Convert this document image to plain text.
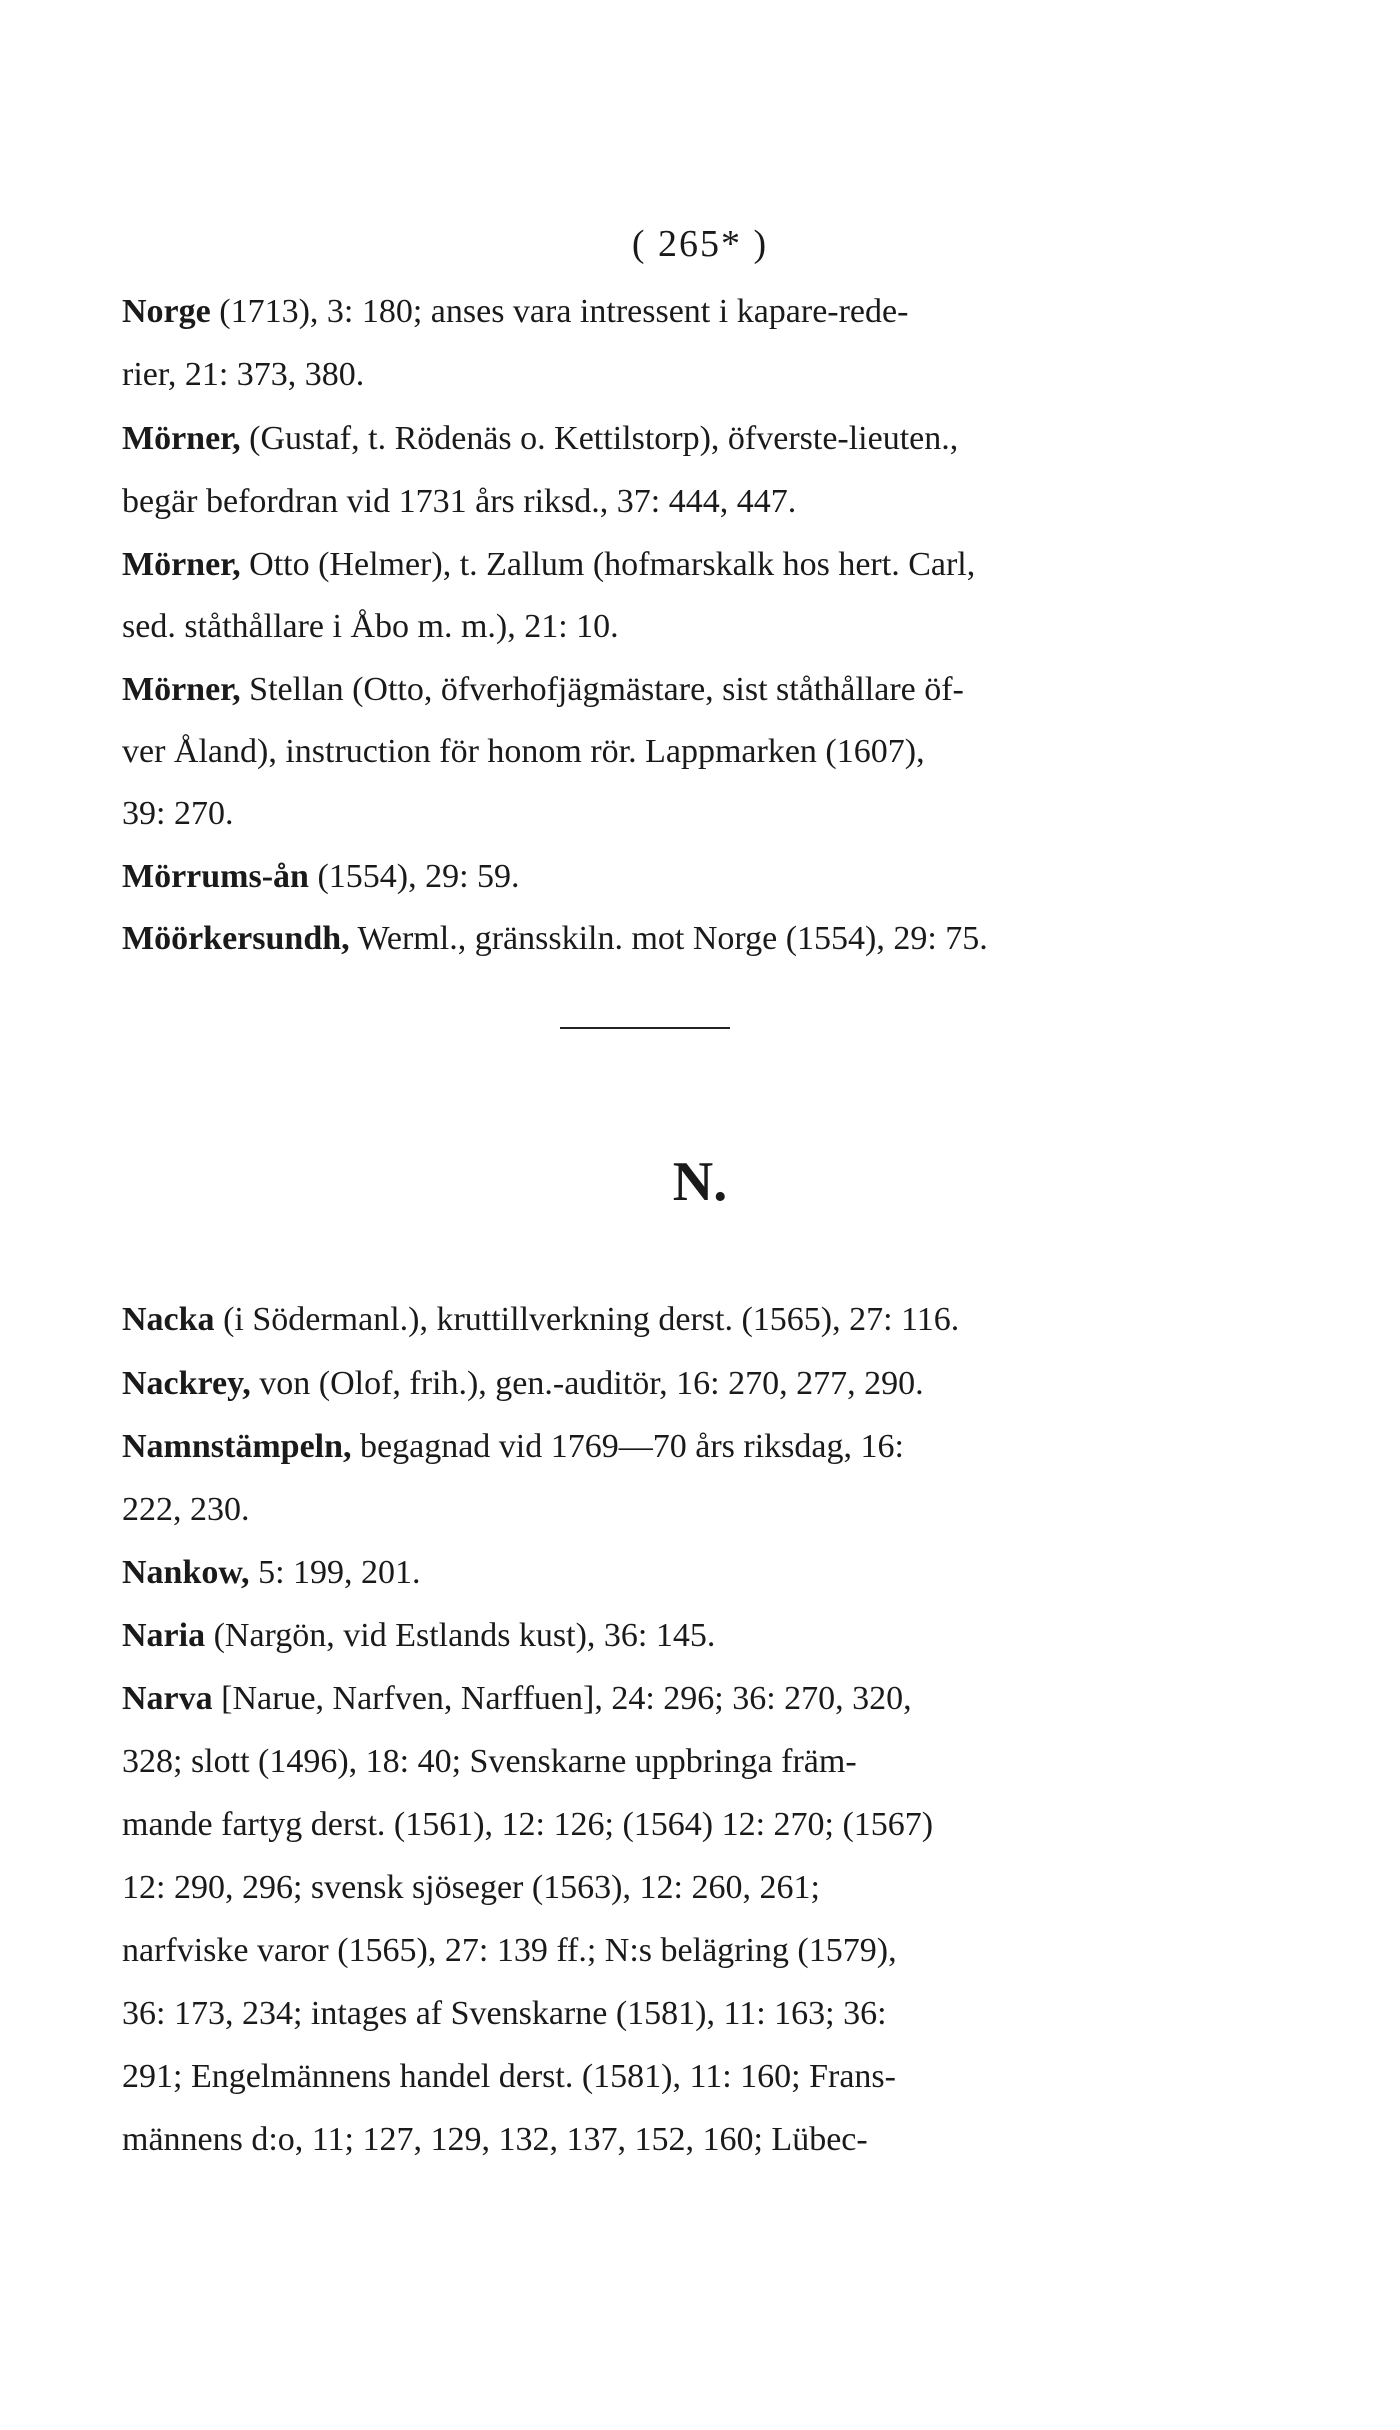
( 265* )
Norge (1713), 3: 180; anses vara intressent i kapare-rede-
rier, 21: 373, 380.
Mörner, (Gustaf, t. Rödenäs o. Kettilstorp), öfverste-lieuten.,
begär befordran vid 1731 års riksd., 37: 444, 447.
Mörner, Otto (Helmer), t. Zallum (hofmarskalk hos hert. Carl,
sed. ståthållare i Åbo m. m.), 21: 10.
Mörner, Stellan (Otto, öfverhofjägmästare, sist ståthållare öf-
ver Åland), instruction för honom rör. Lappmarken (1607),
39: 270.
Mörrums-ån (1554), 29: 59.
Möörkersundh, Werml., gränsskiln. mot Norge (1554), 29: 75.
N.
Nacka (i Södermanl.), kruttillverkning derst. (1565), 27: 116.
Nackrey, von (Olof, frih.), gen.-auditör, 16: 270, 277, 290.
Namnstämpeln, begagnad vid 1769—70 års riksdag, 16:
222, 230.
Nankow, 5: 199, 201.
Naria (Nargön, vid Estlands kust), 36: 145.
Narva [Narue, Narfven, Narffuen], 24: 296; 36: 270, 320,
328; slott (1496), 18: 40; Svenskarne uppbringa främ-
mande fartyg derst. (1561), 12: 126; (1564) 12: 270; (1567)
12: 290, 296; svensk sjöseger (1563), 12: 260, 261;
narfviske varor (1565), 27: 139 ff.; N:s belägring (1579),
36: 173, 234; intages af Svenskarne (1581), 11: 163; 36:
291; Engelmännens handel derst. (1581), 11: 160; Frans-
männens d:o, 11; 127, 129, 132, 137, 152, 160; Lübec-
